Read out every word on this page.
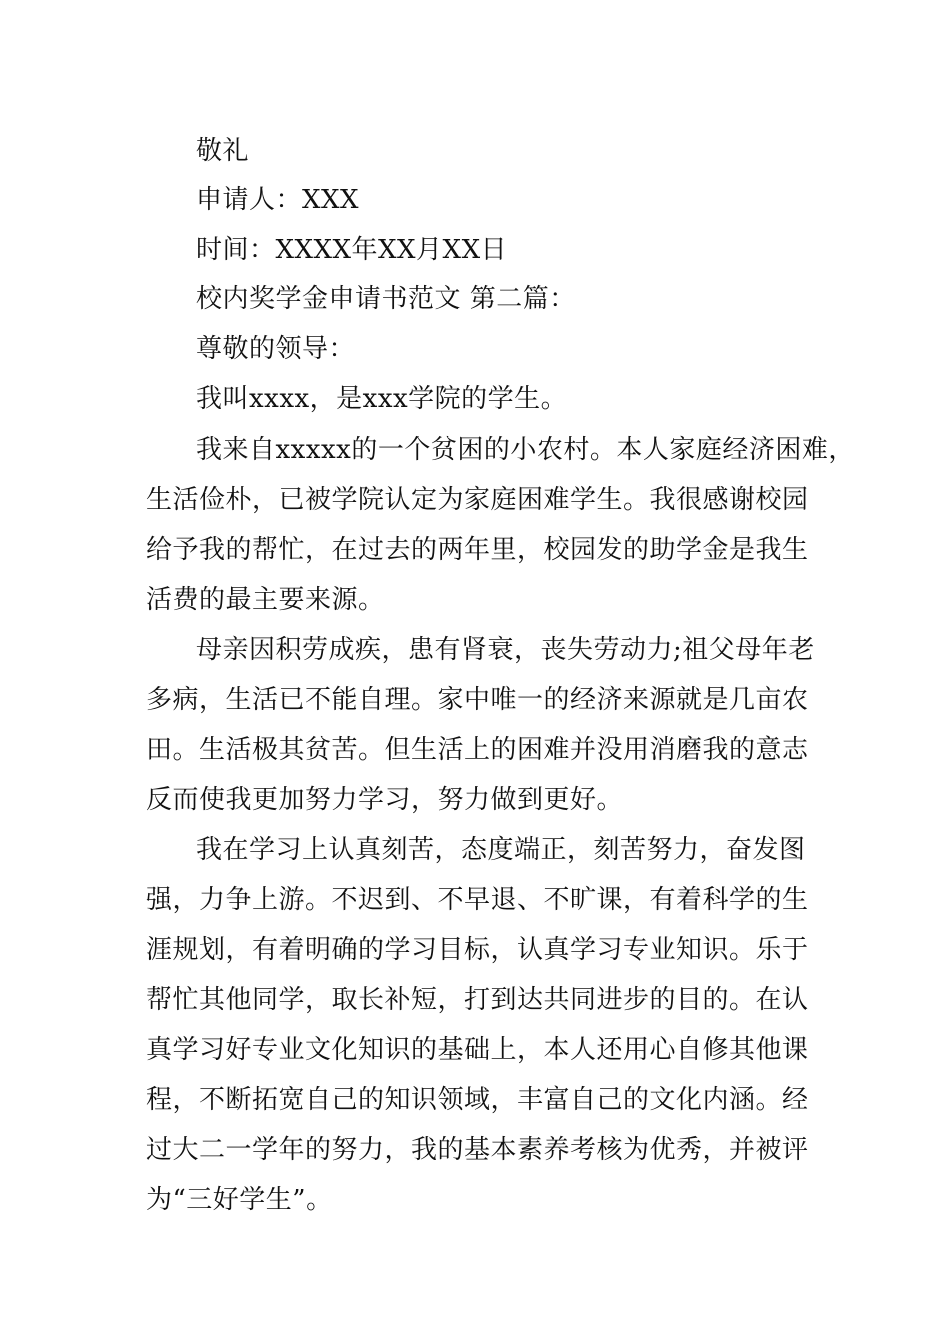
敬礼
申请人：XXX
时间：XXXX年XX月XX日
校内奖学金申请书范文 第二篇：
尊敬的领导：
我叫xxxx，是xxx学院的学生。
我来自xxxxx的一个贫困的小农村。本人家庭经济困难，
生活俭朴，已被学院认定为家庭困难学生。我很感谢校园
给予我的帮忙，在过去的两年里，校园发的助学金是我生
活费的最主要来源。
母亲因积劳成疾，患有肾衰，丧失劳动力;祖父母年老
多病，生活已不能自理。家中唯一的经济来源就是几亩农
田。生活极其贫苦。但生活上的困难并没用消磨我的意志
反而使我更加努力学习，努力做到更好。
我在学习上认真刻苦，态度端正，刻苦努力，奋发图
强，力争上游。不迟到、不早退、不旷课，有着科学的生
涯规划，有着明确的学习目标，认真学习专业知识。乐于
帮忙其他同学，取长补短，打到达共同进步的目的。在认
真学习好专业文化知识的基础上，本人还用心自修其他课
程，不断拓宽自己的知识领域，丰富自己的文化内涵。经
过大二一学年的努力，我的基本素养考核为优秀，并被评
为“三好学生”。
